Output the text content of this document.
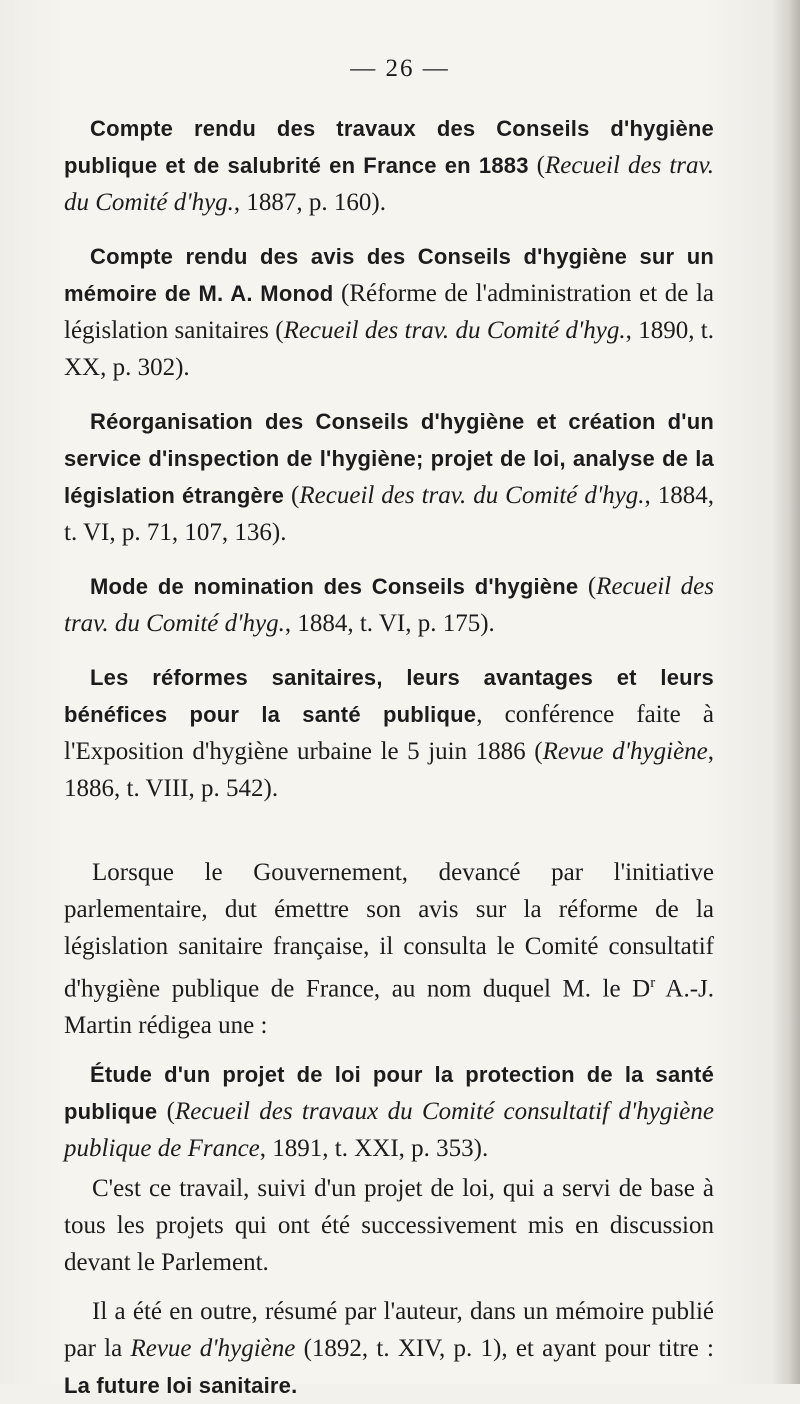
— 26 —

Compte rendu des travaux des Conseils d'hygiène publique et de salubrité en France en 1883 (Recueil des trav. du Comité d'hyg., 1887, p. 160).

Compte rendu des avis des Conseils d'hygiène sur un mémoire de M. A. Monod (Réforme de l'administration et de la législation sanitaires (Recueil des trav. du Comité d'hyg., 1890, t. XX, p. 302).

Réorganisation des Conseils d'hygiène et création d'un service d'inspection de l'hygiène; projet de loi, analyse de la législation étrangère (Recueil des trav. du Comité d'hyg., 1884, t. VI, p. 71, 107, 136).

Mode de nomination des Conseils d'hygiène (Recueil des trav. du Comité d'hyg., 1884, t. VI, p. 175).

Les réformes sanitaires, leurs avantages et leurs bénéfices pour la santé publique, conférence faite à l'Exposition d'hygiène urbaine le 5 juin 1886 (Revue d'hygiène, 1886, t. VIII, p. 542).

Lorsque le Gouvernement, devancé par l'initiative parlementaire, dut émettre son avis sur la réforme de la législation sanitaire française, il consulta le Comité consultatif d'hygiène publique de France, au nom duquel M. le $D^r$ A.-J. Martin rédigea une :

Étude d'un projet de loi pour la protection de la santé publique (Recueil des travaux du Comité consultatif d'hygiène publique de France, 1891, t. XXI, p. 353).

C'est ce travail, suivi d'un projet de loi, qui a servi de base à tous les projets qui ont été successivement mis en discussion devant le Parlement.

Il a été en outre, résumé par l'auteur, dans un mémoire publié par la Revue d'hygiène (1892, t. XIV, p. 1), et ayant pour titre : La future loi sanitaire.
